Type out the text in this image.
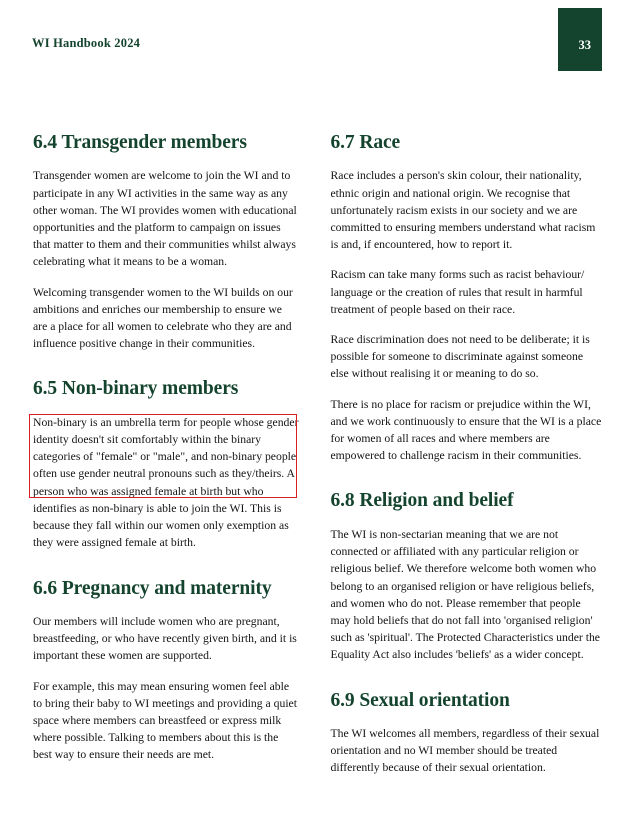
WI Handbook 2024	33
6.4 Transgender members

Transgender women are welcome to join the WI and to participate in any WI activities in the same way as any other woman. The WI provides women with educational opportunities and the platform to campaign on issues that matter to them and their communities whilst always celebrating what it means to be a woman.

Welcoming transgender women to the WI builds on our ambitions and enriches our membership to ensure we are a place for all women to celebrate who they are and influence positive change in their communities.

6.5 Non-binary members

Non-binary is an umbrella term for people whose gender identity doesn't sit comfortably within the binary categories of "female" or "male", and non-binary people often use gender neutral pronouns such as they/theirs. A person who was assigned female at birth but who identifies as non-binary is able to join the WI. This is because they fall within our women only exemption as they were assigned female at birth.

6.6 Pregnancy and maternity

Our members will include women who are pregnant, breastfeeding, or who have recently given birth, and it is important these women are supported.

For example, this may mean ensuring women feel able to bring their baby to WI meetings and providing a quiet space where members can breastfeed or express milk where possible. Talking to members about this is the best way to ensure their needs are met.

6.7 Race

Race includes a person's skin colour, their nationality, ethnic origin and national origin. We recognise that unfortunately racism exists in our society and we are committed to ensuring members understand what racism is and, if encountered, how to report it.

Racism can take many forms such as racist behaviour/ language or the creation of rules that result in harmful treatment of people based on their race.

Race discrimination does not need to be deliberate; it is possible for someone to discriminate against someone else without realising it or meaning to do so.

There is no place for racism or prejudice within the WI, and we work continuously to ensure that the WI is a place for women of all races and where members are empowered to challenge racism in their communities.

6.8 Religion and belief

The WI is non-sectarian meaning that we are not connected or affiliated with any particular religion or religious belief. We therefore welcome both women who belong to an organised religion or have religious beliefs, and women who do not. Please remember that people may hold beliefs that do not fall into 'organised religion' such as 'spiritual'. The Protected Characteristics under the Equality Act also includes 'beliefs' as a wider concept.

6.9 Sexual orientation

The WI welcomes all members, regardless of their sexual orientation and no WI member should be treated differently because of their sexual orientation.
